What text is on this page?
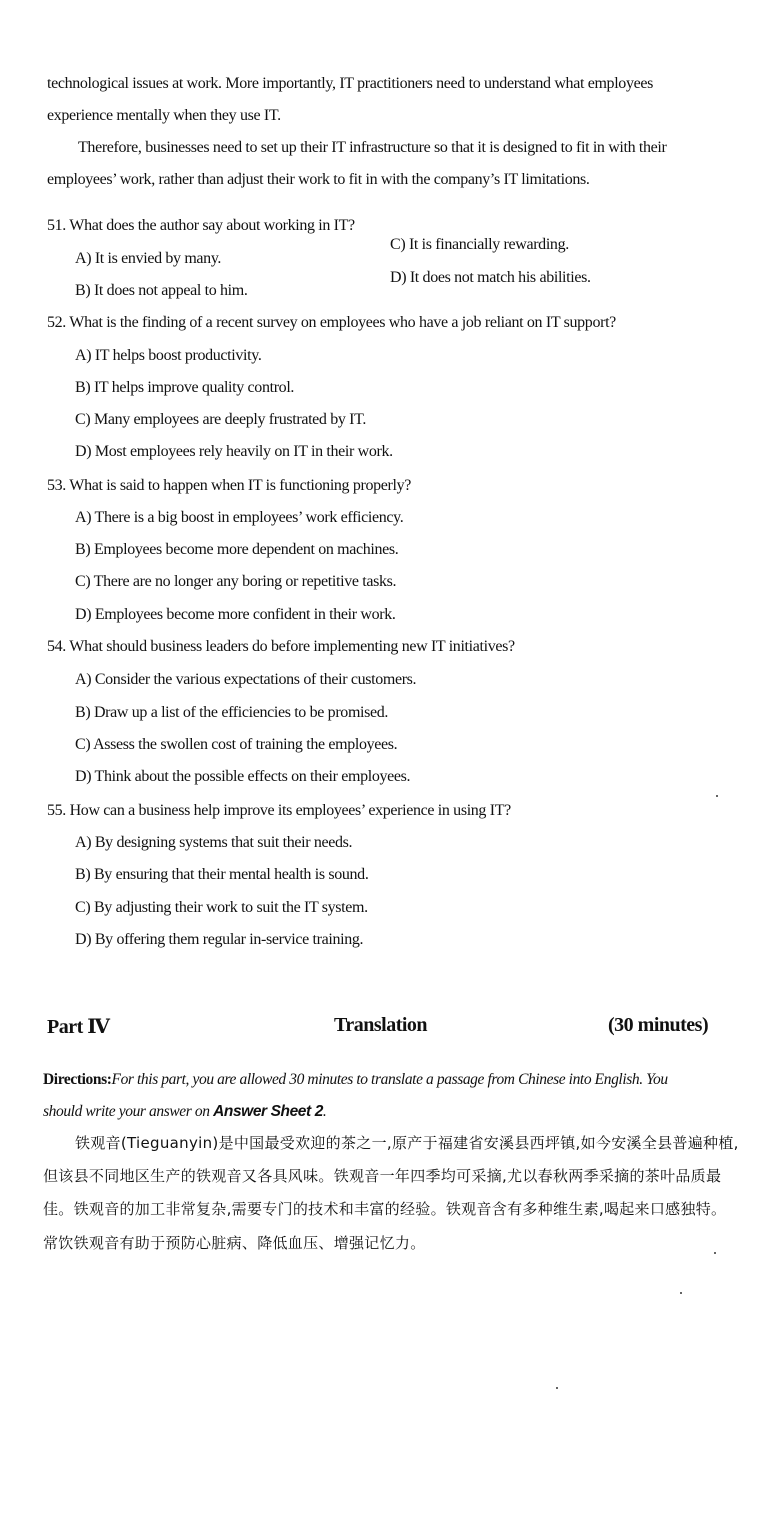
technological issues at work. More importantly, IT practitioners need to understand what employees
experience mentally when they use IT.
Therefore, businesses need to set up their IT infrastructure so that it is designed to fit in with their
employees’ work, rather than adjust their work to fit in with the company’s IT limitations.
51. What does the author say about working in IT?
A) It is envied by many.
B) It does not appeal to him.
C) It is financially rewarding.
D) It does not match his abilities.
52. What is the finding of a recent survey on employees who have a job reliant on IT support?
A) IT helps boost productivity.
B) IT helps improve quality control.
C) Many employees are deeply frustrated by IT.
D) Most employees rely heavily on IT in their work.
53. What is said to happen when IT is functioning properly?
A) There is a big boost in employees’ work efficiency.
B) Employees become more dependent on machines.
C) There are no longer any boring or repetitive tasks.
D) Employees become more confident in their work.
54. What should business leaders do before implementing new IT initiatives?
A) Consider the various expectations of their customers.
B) Draw up a list of the efficiencies to be promised.
C) Assess the swollen cost of training the employees.
D) Think about the possible effects on their employees.
55. How can a business help improve its employees’ experience in using IT?
A) By designing systems that suit their needs.
B) By ensuring that their mental health is sound.
C) By adjusting their work to suit the IT system.
D) By offering them regular in-service training.
Part Ⅳ	Translation	(30 minutes)
Directions:For this part, you are allowed 30 minutes to translate a passage from Chinese into English. You
should write your answer on Answer Sheet 2.
铁观音(Tieguanyin)是中国最受欢迎的茶之一,原产于福建省安溪县西坪镇,如今安溪全县普遍种植,
但该县不同地区生产的铁观音又各具风味。铁观音一年四季均可采摘,尤以春秋两季采摘的茶叶品质最
佳。铁观音的加工非常复杂,需要专门的技术和丰富的经验。铁观音含有多种维生素,喝起来口感独特。
常饮铁观音有助于预防心脏病、降低血压、增强记忆力。
